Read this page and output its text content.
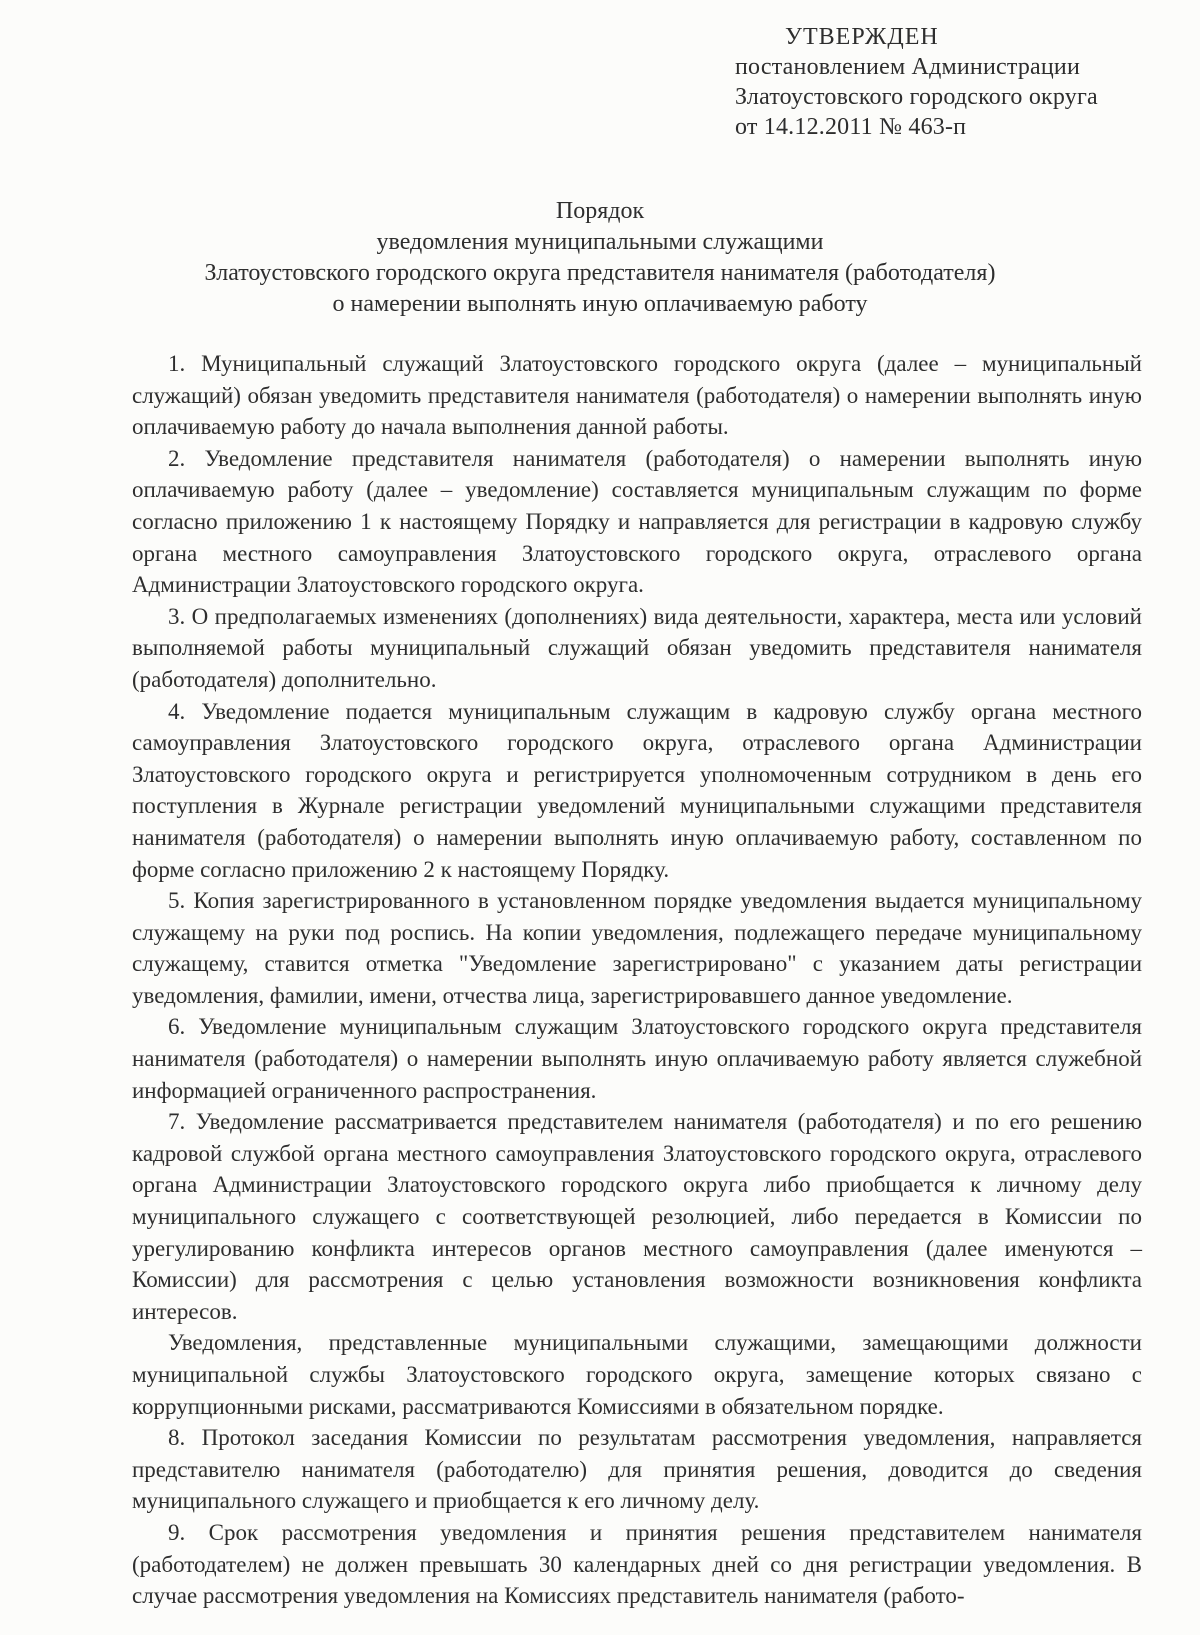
УТВЕРЖДЕН
постановлением Администрации
Златоустовского городского округа
от 14.12.2011 № 463-п
Порядок
уведомления муниципальными служащими
Златоустовского городского округа представителя нанимателя (работодателя)
о намерении выполнять иную оплачиваемую работу

1. Муниципальный служащий Златоустовского городского округа (далее – муниципальный служащий) обязан уведомить представителя нанимателя (работодателя) о намерении выполнять иную оплачиваемую работу до начала выполнения данной работы.

2. Уведомление представителя нанимателя (работодателя) о намерении выполнять иную оплачиваемую работу (далее – уведомление) составляется муниципальным служащим по форме согласно приложению 1 к настоящему Порядку и направляется для регистрации в кадровую службу органа местного самоуправления Златоустовского городского округа, отраслевого органа Администрации Златоустовского городского округа.

3. О предполагаемых изменениях (дополнениях) вида деятельности, характера, места или условий выполняемой работы муниципальный служащий обязан уведомить представителя нанимателя (работодателя) дополнительно.

4. Уведомление подается муниципальным служащим в кадровую службу органа местного самоуправления Златоустовского городского округа, отраслевого органа Администрации Златоустовского городского округа и регистрируется уполномоченным сотрудником в день его поступления в Журнале регистрации уведомлений муниципальными служащими представителя нанимателя (работодателя) о намерении выполнять иную оплачиваемую работу, составленном по форме согласно приложению 2 к настоящему Порядку.

5. Копия зарегистрированного в установленном порядке уведомления выдается муниципальному служащему на руки под роспись. На копии уведомления, подлежащего передаче муниципальному служащему, ставится отметка "Уведомление зарегистрировано" с указанием даты регистрации уведомления, фамилии, имени, отчества лица, зарегистрировавшего данное уведомление.

6. Уведомление муниципальным служащим Златоустовского городского округа представителя нанимателя (работодателя) о намерении выполнять иную оплачиваемую работу является служебной информацией ограниченного распространения.

7. Уведомление рассматривается представителем нанимателя (работодателя) и по его решению кадровой службой органа местного самоуправления Златоустовского городского округа, отраслевого органа Администрации Златоустовского городского округа либо приобщается к личному делу муниципального служащего с соответствующей резолюцией, либо передается в Комиссии по урегулированию конфликта интересов органов местного самоуправления (далее именуются – Комиссии) для рассмотрения с целью установления возможности возникновения конфликта интересов.

Уведомления, представленные муниципальными служащими, замещающими должности муниципальной службы Златоустовского городского округа, замещение которых связано с коррупционными рисками, рассматриваются Комиссиями в обязательном порядке.

8. Протокол заседания Комиссии по результатам рассмотрения уведомления, направляется представителю нанимателя (работодателю) для принятия решения, доводится до сведения муниципального служащего и приобщается к его личному делу.

9. Срок рассмотрения уведомления и принятия решения представителем нанимателя (работодателем) не должен превышать 30 календарных дней со дня регистрации уведомления. В случае рассмотрения уведомления на Комиссиях представитель нанимателя (работо-
